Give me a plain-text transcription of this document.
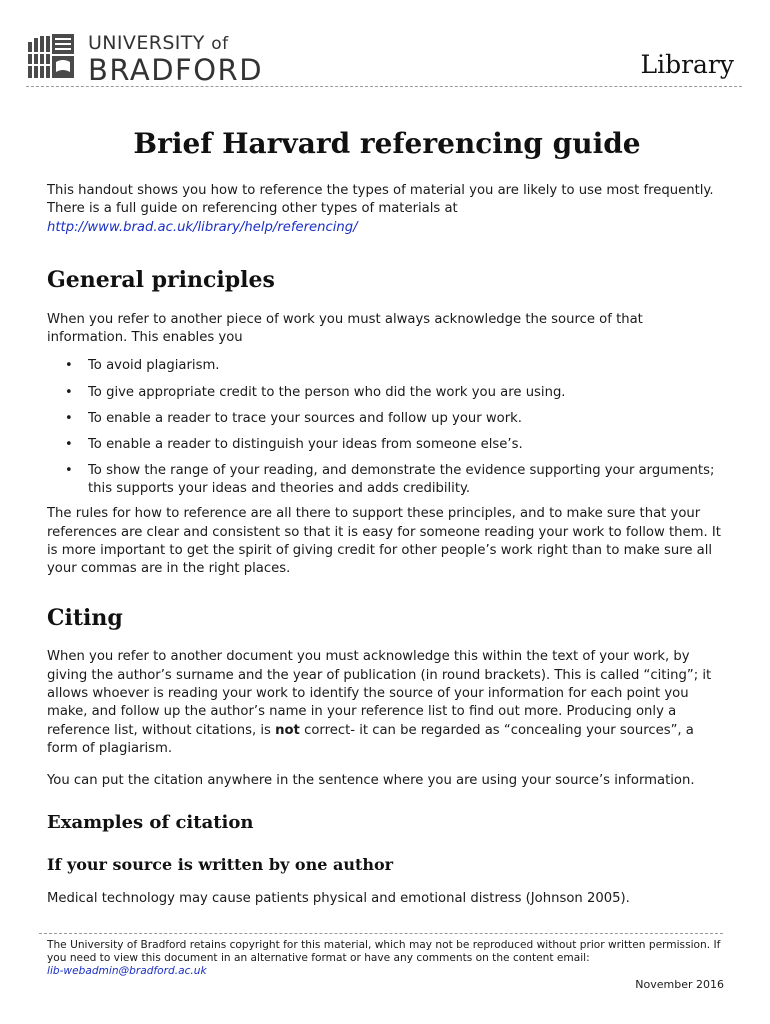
UNIVERSITY of
BRADFORD	Library
Brief Harvard referencing guide

This handout shows you how to reference the types of material you are likely to use most frequently. There is a full guide on referencing other types of materials at
http://www.brad.ac.uk/library/help/referencing/

General principles

When you refer to another piece of work you must always acknowledge the source of that information. This enables you

• To avoid plagiarism.
• To give appropriate credit to the person who did the work you are using.
• To enable a reader to trace your sources and follow up your work.
• To enable a reader to distinguish your ideas from someone else’s.
• To show the range of your reading, and demonstrate the evidence supporting your arguments; this supports your ideas and theories and adds credibility.

The rules for how to reference are all there to support these principles, and to make sure that your references are clear and consistent so that it is easy for someone reading your work to follow them. It is more important to get the spirit of giving credit for other people’s work right than to make sure all your commas are in the right places.

Citing

When you refer to another document you must acknowledge this within the text of your work, by giving the author’s surname and the year of publication (in round brackets). This is called “citing”; it allows whoever is reading your work to identify the source of your information for each point you make, and follow up the author’s name in your reference list to find out more. Producing only a reference list, without citations, is not correct- it can be regarded as “concealing your sources”, a form of plagiarism.

You can put the citation anywhere in the sentence where you are using your source’s information.

Examples of citation
If your source is written by one author

Medical technology may cause patients physical and emotional distress (Johnson 2005).

The University of Bradford retains copyright for this material, which may not be reproduced without prior written permission. If you need to view this document in an alternative format or have any comments on the content email:
lib-webadmin@bradford.ac.uk

November 2016
